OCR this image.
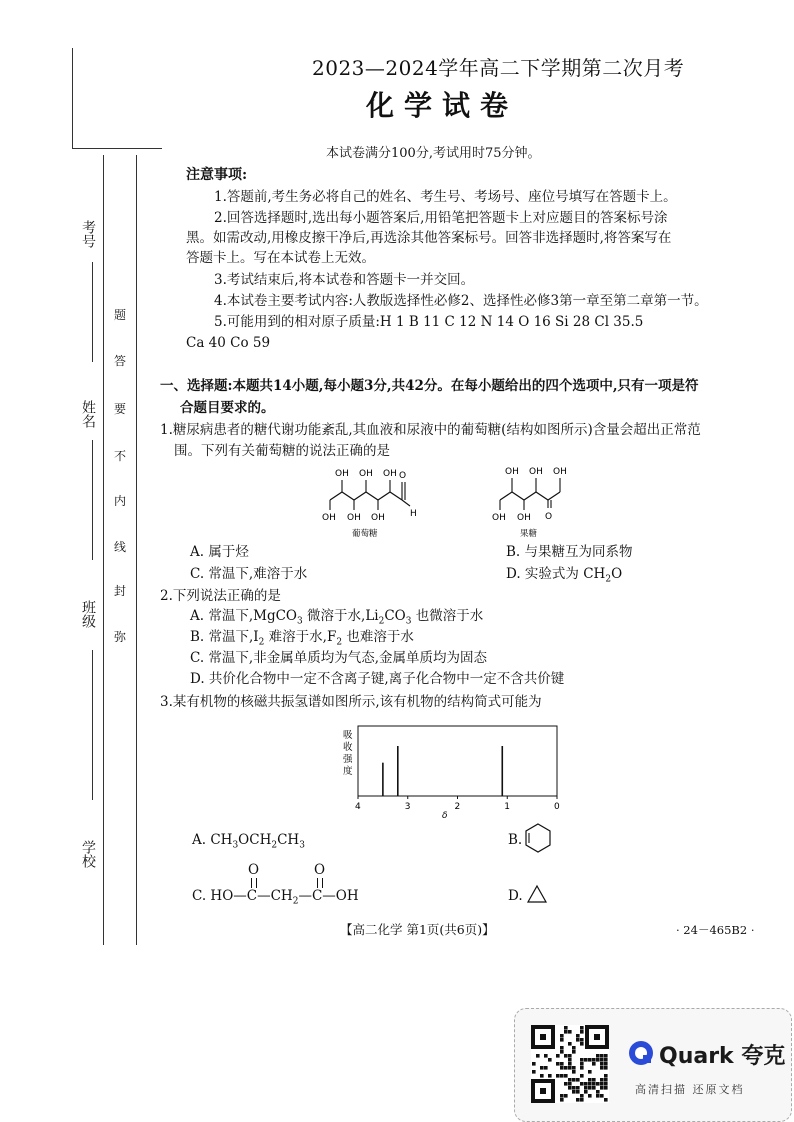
考号
姓名
班级
学校
题
答
要
不
内
线
封
弥
2023—2024学年高二下学期第二次月考
化学试卷
本试卷满分100分,考试用时75分钟。
注意事项:
1.答题前,考生务必将自己的姓名、考生号、考场号、座位号填写在答题卡上。
2.回答选择题时,选出每小题答案后,用铅笔把答题卡上对应题目的答案标号涂
黑。如需改动,用橡皮擦干净后,再选涂其他答案标号。回答非选择题时,将答案写在
答题卡上。写在本试卷上无效。
3.考试结束后,将本试卷和答题卡一并交回。
4.本试卷主要考试内容:人教版选择性必修2、选择性必修3第一章至第二章第一节。
5.可能用到的相对原子质量:H 1 B 11 C 12 N 14 O 16 Si 28 Cl 35.5
Ca 40 Co 59
一、选择题:本题共14小题,每小题3分,共42分。在每小题给出的四个选项中,只有一项是符
合题目要求的。
1.糖尿病患者的糖代谢功能紊乱,其血液和尿液中的葡萄糖(结构如图所示)含量会超出正常范
围。下列有关葡萄糖的说法正确的是
OH OH OH O
H
OH OH OH
葡萄糖
OH OH OH
OH OH O
果糖
A. 属于烃	B. 与果糖互为同系物
C. 常温下,难溶于水	D. 实验式为 $CH_2O$
2.下列说法正确的是
A. 常温下,MgCO$_3$ 微溶于水$,Li_2CO_3$ 也微溶于水
B. 常温下$,I_2$ 难溶于水$,F_2$ 也难溶于水
C. 常温下,非金属单质均为气态,金属单质均为固态
D. 共价化合物中一定不含离子键,离子化合物中一定不含共价键
3.某有机物的核磁共振氢谱如图所示,该有机物的结构简式可能为
吸
收
强
度
4	3	2	1	0
δ
A. $CH_3OCH_2CH_3$	B.
O	O
C. $HO—C—CH_2—C—OH$	D.
【高二化学 第1页(共6页)】	· 24－465B2 ·
Quark 夸克
高清扫描 还原文档
